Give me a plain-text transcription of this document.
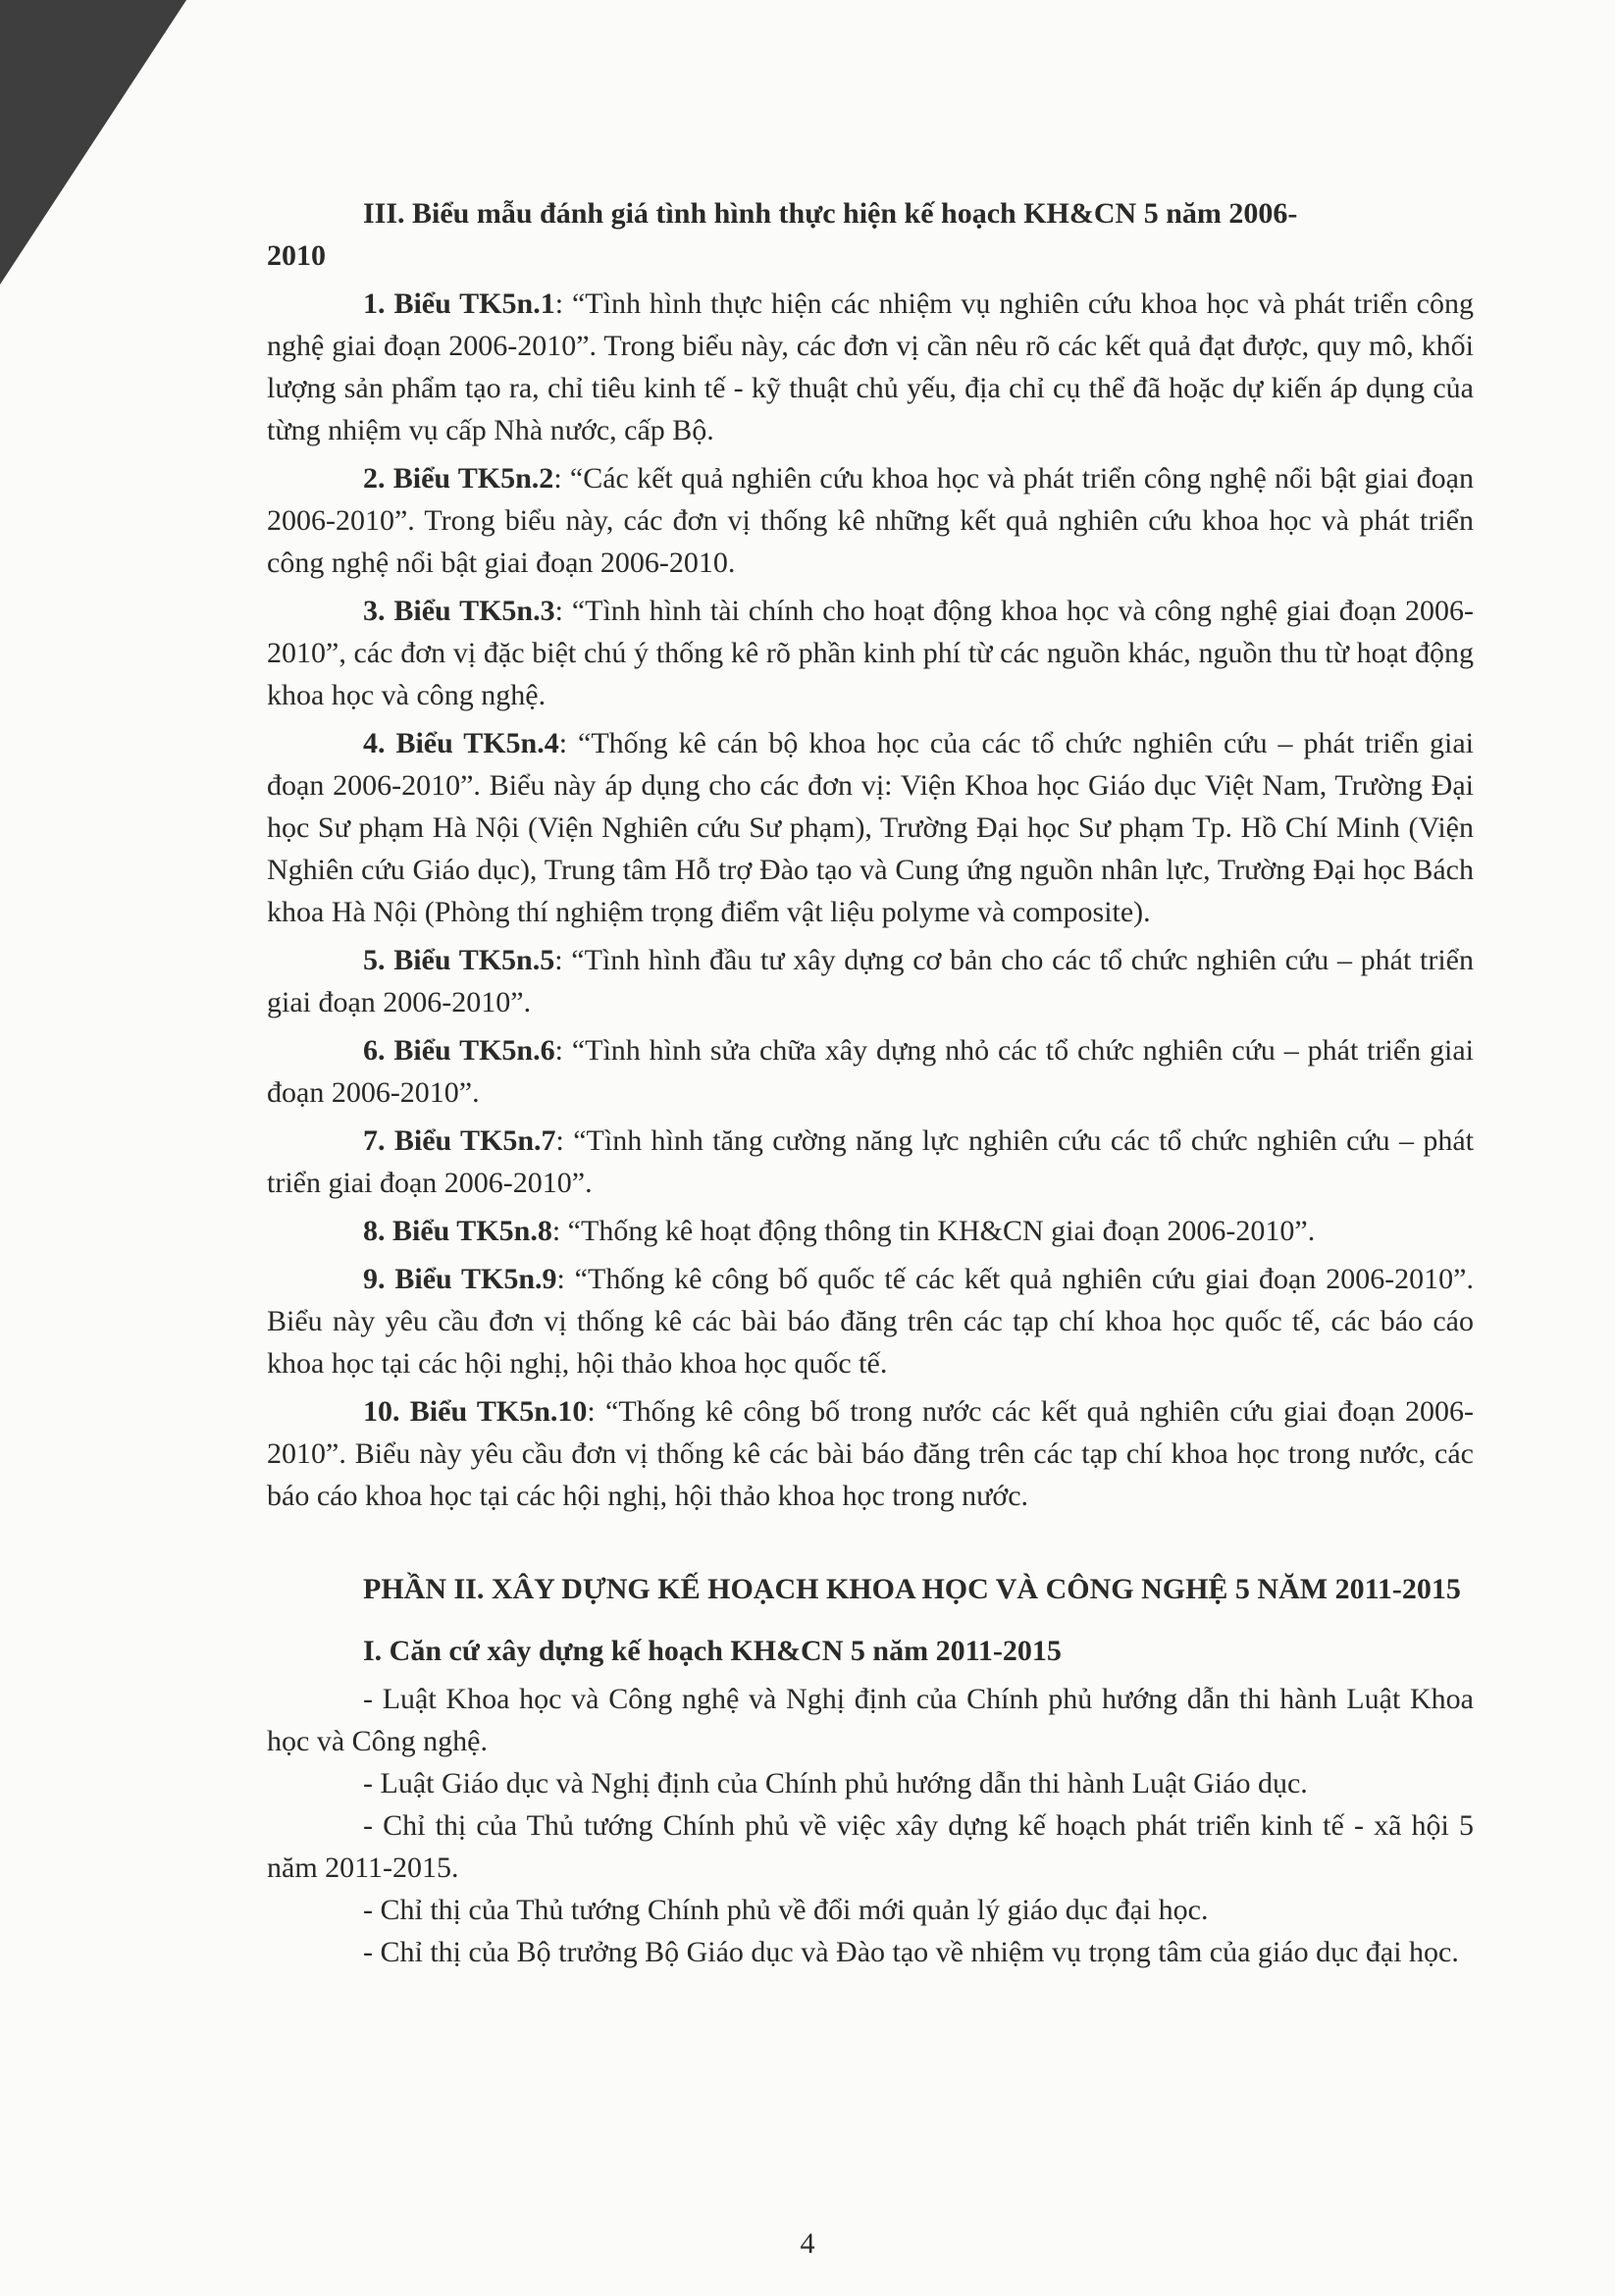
III. Biểu mẫu đánh giá tình hình thực hiện kế hoạch KH&CN 5 năm 2006-
2010

1. Biểu TK5n.1: “Tình hình thực hiện các nhiệm vụ nghiên cứu khoa học và phát triển công nghệ giai đoạn 2006-2010”. Trong biểu này, các đơn vị cần nêu rõ các kết quả đạt được, quy mô, khối lượng sản phẩm tạo ra, chỉ tiêu kinh tế - kỹ thuật chủ yếu, địa chỉ cụ thể đã hoặc dự kiến áp dụng của từng nhiệm vụ cấp Nhà nước, cấp Bộ.

2. Biểu TK5n.2: “Các kết quả nghiên cứu khoa học và phát triển công nghệ nổi bật giai đoạn 2006-2010”. Trong biểu này, các đơn vị thống kê những kết quả nghiên cứu khoa học và phát triển công nghệ nổi bật giai đoạn 2006-2010.

3. Biểu TK5n.3: “Tình hình tài chính cho hoạt động khoa học và công nghệ giai đoạn 2006-2010”, các đơn vị đặc biệt chú ý thống kê rõ phần kinh phí từ các nguồn khác, nguồn thu từ hoạt động khoa học và công nghệ.

4. Biểu TK5n.4: “Thống kê cán bộ khoa học của các tổ chức nghiên cứu – phát triển giai đoạn 2006-2010”. Biểu này áp dụng cho các đơn vị: Viện Khoa học Giáo dục Việt Nam, Trường Đại học Sư phạm Hà Nội (Viện Nghiên cứu Sư phạm), Trường Đại học Sư phạm Tp. Hồ Chí Minh (Viện Nghiên cứu Giáo dục), Trung tâm Hỗ trợ Đào tạo và Cung ứng nguồn nhân lực, Trường Đại học Bách khoa Hà Nội (Phòng thí nghiệm trọng điểm vật liệu polyme và composite).

5. Biểu TK5n.5: “Tình hình đầu tư xây dựng cơ bản cho các tổ chức nghiên cứu – phát triển giai đoạn 2006-2010”.

6. Biểu TK5n.6: “Tình hình sửa chữa xây dựng nhỏ các tổ chức nghiên cứu – phát triển giai đoạn 2006-2010”.

7. Biểu TK5n.7: “Tình hình tăng cường năng lực nghiên cứu các tổ chức nghiên cứu – phát triển giai đoạn 2006-2010”.

8. Biểu TK5n.8: “Thống kê hoạt động thông tin KH&CN giai đoạn 2006-2010”.

9. Biểu TK5n.9: “Thống kê công bố quốc tế các kết quả nghiên cứu giai đoạn 2006-2010”. Biểu này yêu cầu đơn vị thống kê các bài báo đăng trên các tạp chí khoa học quốc tế, các báo cáo khoa học tại các hội nghị, hội thảo khoa học quốc tế.

10. Biểu TK5n.10: “Thống kê công bố trong nước các kết quả nghiên cứu giai đoạn 2006-2010”. Biểu này yêu cầu đơn vị thống kê các bài báo đăng trên các tạp chí khoa học trong nước, các báo cáo khoa học tại các hội nghị, hội thảo khoa học trong nước.

PHẦN II. XÂY DỰNG KẾ HOẠCH KHOA HỌC VÀ CÔNG NGHỆ 5 NĂM 2011-2015

I. Căn cứ xây dựng kế hoạch KH&CN 5 năm 2011-2015

- Luật Khoa học và Công nghệ và Nghị định của Chính phủ hướng dẫn thi hành Luật Khoa học và Công nghệ.

- Luật Giáo dục và Nghị định của Chính phủ hướng dẫn thi hành Luật Giáo dục.

- Chỉ thị của Thủ tướng Chính phủ về việc xây dựng kế hoạch phát triển kinh tế - xã hội 5 năm 2011-2015.

- Chỉ thị của Thủ tướng Chính phủ về đổi mới quản lý giáo dục đại học.

- Chỉ thị của Bộ trưởng Bộ Giáo dục và Đào tạo về nhiệm vụ trọng tâm của giáo dục đại học.

4
